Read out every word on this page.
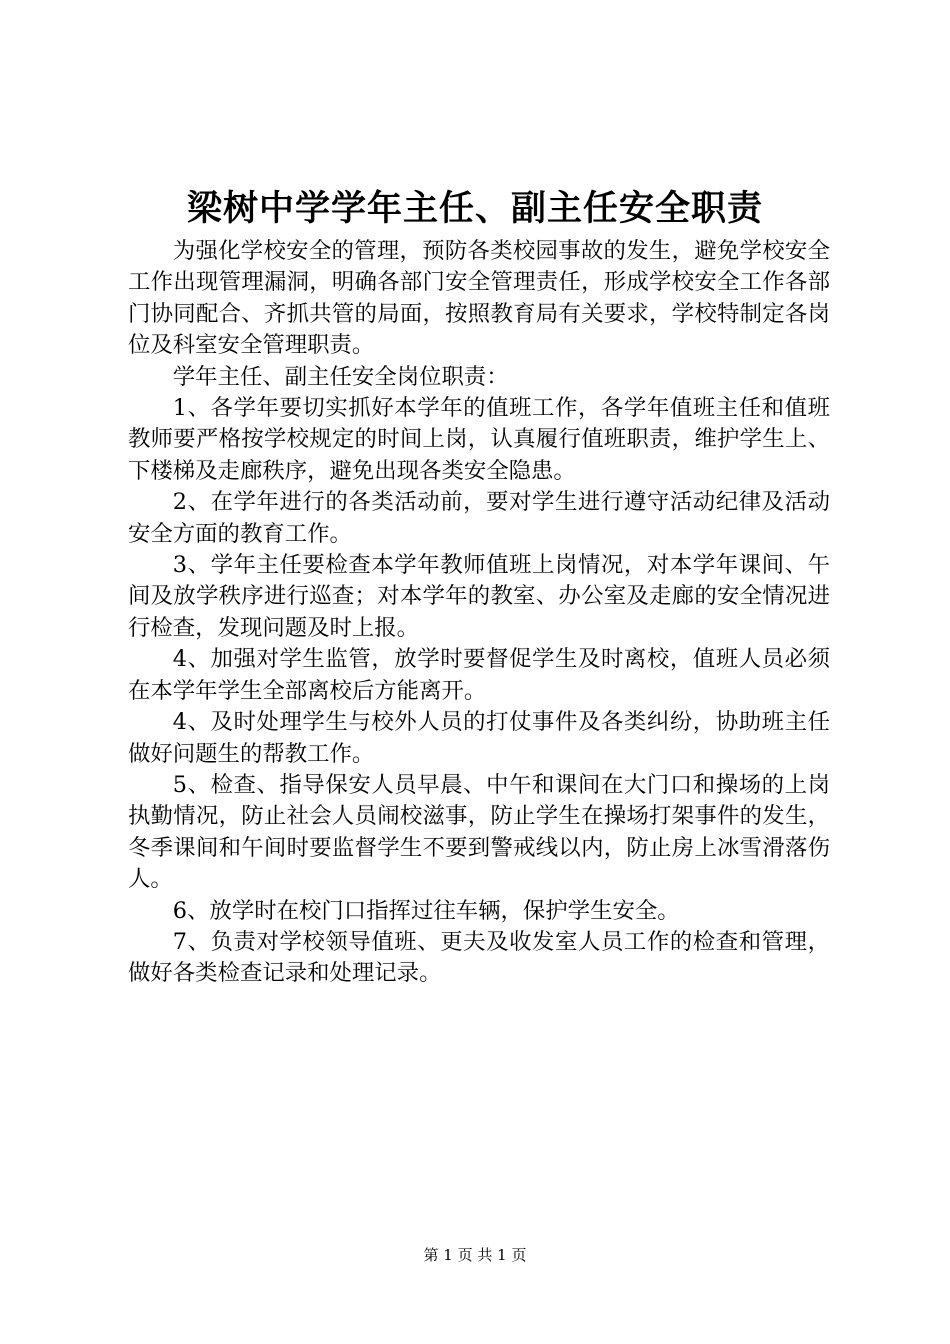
梁树中学学年主任、副主任安全职责

为强化学校安全的管理，预防各类校园事故的发生，避免学校安全工作出现管理漏洞，明确各部门安全管理责任，形成学校安全工作各部门协同配合、齐抓共管的局面，按照教育局有关要求，学校特制定各岗位及科室安全管理职责。

学年主任、副主任安全岗位职责：

1、各学年要切实抓好本学年的值班工作，各学年值班主任和值班教师要严格按学校规定的时间上岗，认真履行值班职责，维护学生上、下楼梯及走廊秩序，避免出现各类安全隐患。

2、在学年进行的各类活动前，要对学生进行遵守活动纪律及活动安全方面的教育工作。

3、学年主任要检查本学年教师值班上岗情况，对本学年课间、午间及放学秩序进行巡查；对本学年的教室、办公室及走廊的安全情况进行检查，发现问题及时上报。

4、加强对学生监管，放学时要督促学生及时离校，值班人员必须在本学年学生全部离校后方能离开。

4、及时处理学生与校外人员的打仗事件及各类纠纷，协助班主任做好问题生的帮教工作。

5、检查、指导保安人员早晨、中午和课间在大门口和操场的上岗执勤情况，防止社会人员闹校滋事，防止学生在操场打架事件的发生，冬季课间和午间时要监督学生不要到警戒线以内，防止房上冰雪滑落伤人。

6、放学时在校门口指挥过往车辆，保护学生安全。

7、负责对学校领导值班、更夫及收发室人员工作的检查和管理，做好各类检查记录和处理记录。

第 1 页 共 1 页
